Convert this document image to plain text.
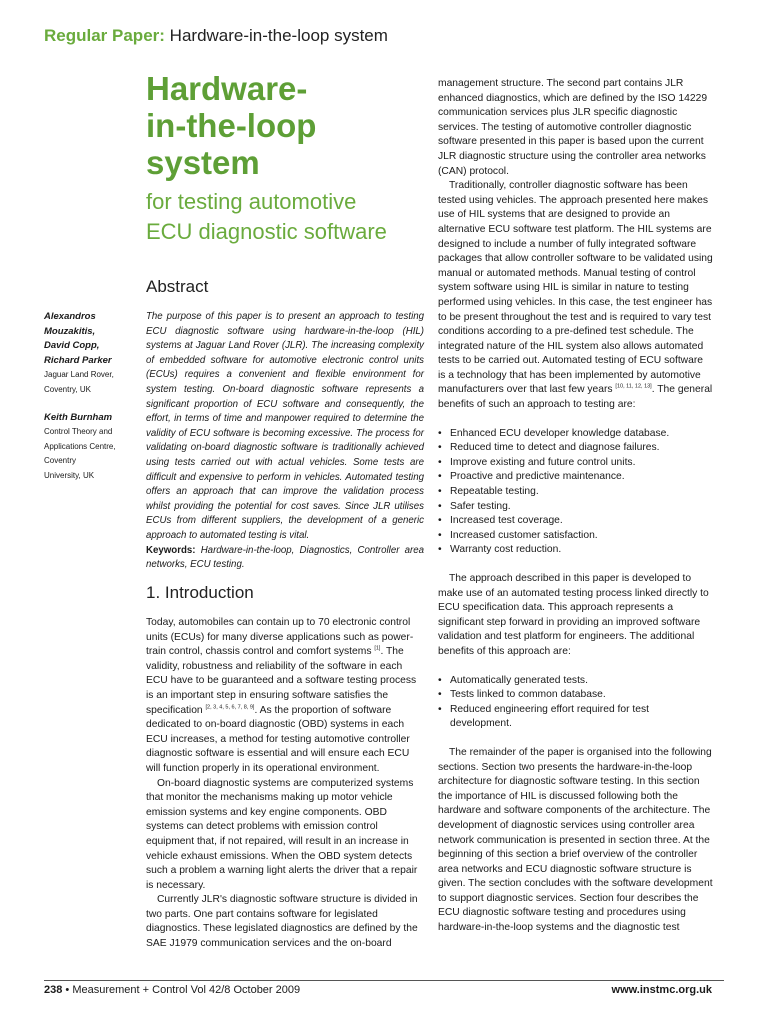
Regular Paper: Hardware-in-the-loop system
Hardware-
in-the-loop
system

for testing automotive
ECU diagnostic software

Abstract
Alexandros
Mouzakitis,
David Copp,
Richard Parker
Jaguar Land Rover,
Coventry, UK
Keith Burnham
Control Theory and
Applications Centre, Coventry
University, UK

The purpose of this paper is to present an approach to testing ECU diagnostic software using hardware-in-the-loop (HIL) systems at Jaguar Land Rover (JLR). The increasing complexity of embedded software for automotive electronic control units (ECUs) requires a convenient and flexible environment for system testing. On-board diagnostic software represents a significant proportion of ECU software and consequently, the effort, in terms of time and manpower required to determine the validity of ECU software is becoming excessive. The process for validating on-board diagnostic software is traditionally achieved using tests carried out with actual vehicles. Some tests are difficult and expensive to perform in vehicles. Automated testing offers an approach that can improve the validation process whilst providing the potential for cost saves. Since JLR utilises ECUs from different suppliers, the development of a generic approach to automated testing is vital.
Keywords: Hardware-in-the-loop, Diagnostics, Controller area networks, ECU testing.

1. Introduction

Today, automobiles can contain up to 70 electronic control units (ECUs) for many diverse applications such as power-train control, chassis control and comfort systems [1]. The validity, robustness and reliability of the software in each ECU have to be guaranteed and a software testing process is an important step in ensuring software satisfies the specification [2, 3, 4, 5, 6, 7, 8, 9]. As the proportion of software dedicated to on-board diagnostic (OBD) systems in each ECU increases, a method for testing automotive controller diagnostic software is essential and will ensure each ECU will function properly in its operational environment.

On-board diagnostic systems are computerized systems that monitor the mechanisms making up motor vehicle emission systems and key engine components. OBD systems can detect problems with emission control equipment that, if not repaired, will result in an increase in vehicle exhaust emissions. When the OBD system detects such a problem a warning light alerts the driver that a repair is necessary.

Currently JLR's diagnostic software structure is divided in two parts. One part contains software for legislated diagnostics. These legislated diagnostics are defined by the SAE J1979 communication services and the on-board

management structure. The second part contains JLR enhanced diagnostics, which are defined by the ISO 14229 communication services plus JLR specific diagnostic services. The testing of automotive controller diagnostic software presented in this paper is based upon the current JLR diagnostic structure using the controller area networks (CAN) protocol.

Traditionally, controller diagnostic software has been tested using vehicles. The approach presented here makes use of HIL systems that are designed to provide an alternative ECU software test platform. The HIL systems are designed to include a number of fully integrated software packages that allow controller software to be validated using manual or automated methods. Manual testing of control system software using HIL is similar in nature to testing performed using vehicles. In this case, the test engineer has to be present throughout the test and is required to vary test conditions according to a pre-defined test schedule. The integrated nature of the HIL system also allows automated tests to be carried out. Automated testing of ECU software is a technology that has been implemented by automotive manufacturers over that last few years [10, 11, 12, 13]. The general benefits of such an approach to testing are:

• Enhanced ECU developer knowledge database.
• Reduced time to detect and diagnose failures.
• Improve existing and future control units.
• Proactive and predictive maintenance.
• Repeatable testing.
• Safer testing.
• Increased test coverage.
• Increased customer satisfaction.
• Warranty cost reduction.

The approach described in this paper is developed to make use of an automated testing process linked directly to ECU specification data. This approach represents a significant step forward in providing an improved software validation and test platform for engineers. The additional benefits of this approach are:

• Automatically generated tests.
• Tests linked to common database.
• Reduced engineering effort required for test development.

The remainder of the paper is organised into the following sections. Section two presents the hardware-in-the-loop architecture for diagnostic software testing. In this section the importance of HIL is discussed following both the hardware and software components of the architecture. The development of diagnostic services using controller area network communication is presented in section three. At the beginning of this section a brief overview of the controller area networks and ECU diagnostic software structure is given. The section concludes with the software development to support diagnostic services. Section four describes the ECU diagnostic software testing and procedures using hardware-in-the-loop systems and the diagnostic test

238 • Measurement + Control Vol 42/8 October 2009	www.instmc.org.uk
